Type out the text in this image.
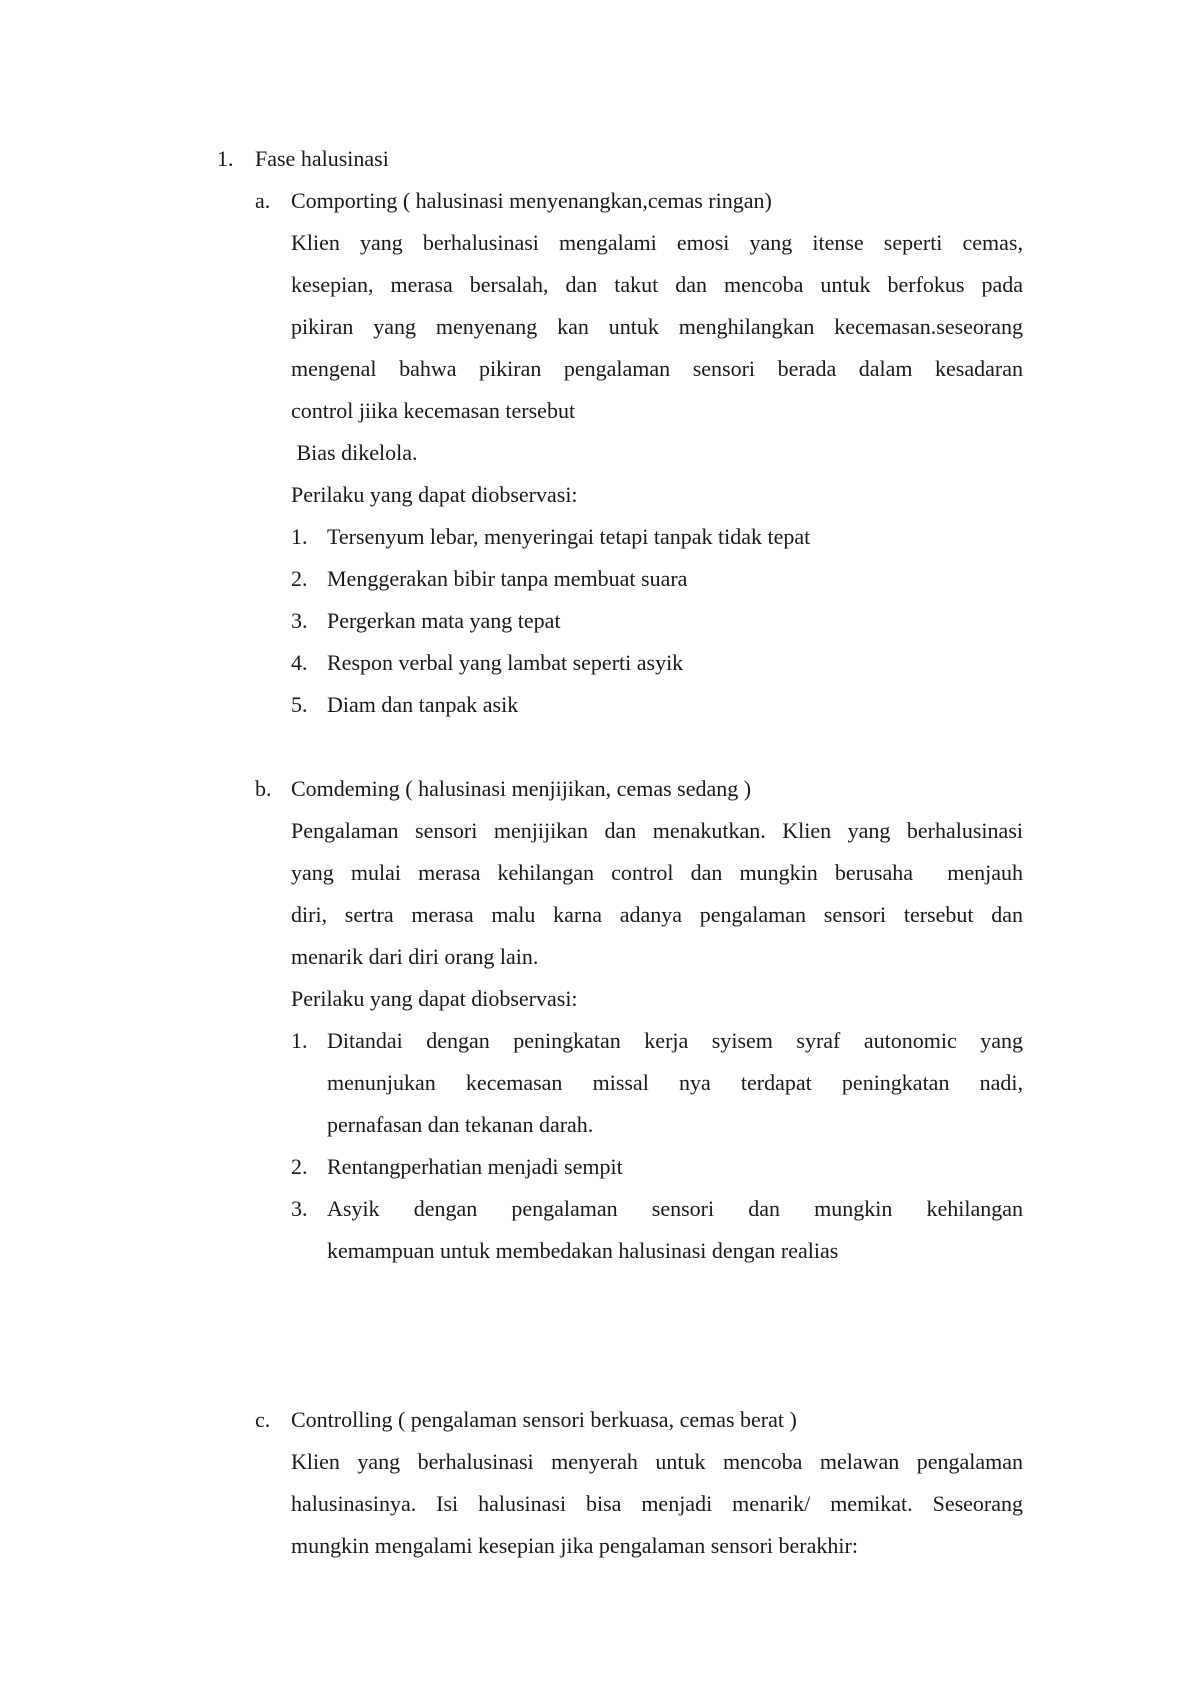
1. Fase halusinasi
a. Comporting ( halusinasi menyenangkan,cemas ringan)
Klien yang berhalusinasi mengalami emosi yang itense seperti cemas,
kesepian, merasa bersalah, dan takut dan mencoba untuk berfokus pada
pikiran yang menyenang kan untuk menghilangkan kecemasan.seseorang
mengenal bahwa pikiran pengalaman sensori berada dalam kesadaran
control jiika kecemasan tersebut
Bias dikelola.
Perilaku yang dapat diobservasi:
1. Tersenyum lebar, menyeringai tetapi tanpak tidak tepat
2. Menggerakan bibir tanpa membuat suara
3. Pergerkan mata yang tepat
4. Respon verbal yang lambat seperti asyik
5. Diam dan tanpak asik
b. Comdeming ( halusinasi menjijikan, cemas sedang )
Pengalaman sensori menjijikan dan menakutkan. Klien yang berhalusinasi
yang mulai merasa kehilangan control dan mungkin berusaha  menjauh
diri, sertra merasa malu karna adanya pengalaman sensori tersebut dan
menarik dari diri orang lain.
Perilaku yang dapat diobservasi:
1. Ditandai dengan peningkatan kerja syisem syraf autonomic yang
menunjukan kecemasan missal nya terdapat peningkatan nadi,
pernafasan dan tekanan darah.
2. Rentangperhatian menjadi sempit
3. Asyik dengan pengalaman sensori dan mungkin kehilangan
kemampuan untuk membedakan halusinasi dengan realias
c. Controlling ( pengalaman sensori berkuasa, cemas berat )
Klien yang berhalusinasi menyerah untuk mencoba melawan pengalaman
halusinasinya. Isi halusinasi bisa menjadi menarik/ memikat. Seseorang
mungkin mengalami kesepian jika pengalaman sensori berakhir:
